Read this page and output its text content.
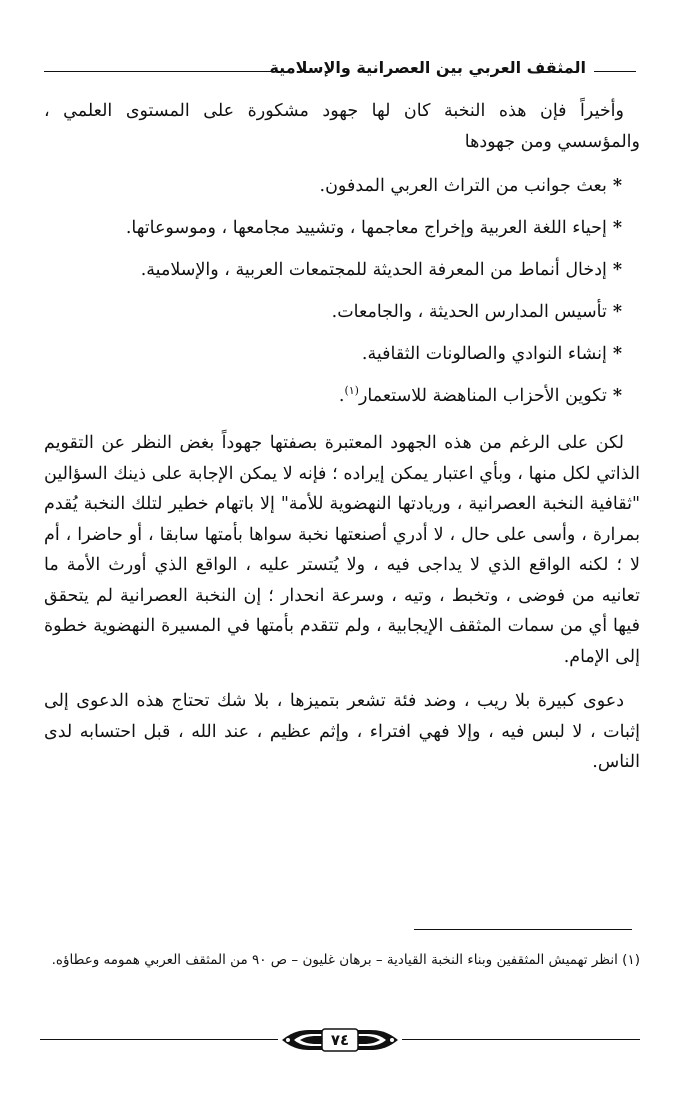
المثقف العربي بين العصرانية والإسلامية

وأخيراً فإن هذه النخبة كان لها جهود مشكورة على المستوى العلمي ، والمؤسسي ومن جهودها

*بعث جوانب من التراث العربي المدفون.
*إحياء اللغة العربية وإخراج معاجمها ، وتشييد مجامعها ، وموسوعاتها.
*إدخال أنماط من المعرفة الحديثة للمجتمعات العربية ، والإسلامية.
*تأسيس المدارس الحديثة ، والجامعات.
*إنشاء النوادي والصالونات الثقافية.
*تكوين الأحزاب المناهضة للاستعمار$^{(١)}$.

لكن على الرغم من هذه الجهود المعتبرة بصفتها جهوداً بغض النظر عن التقويم الذاتي لكل منها ، وبأي اعتبار يمكن إيراده ؛ فإنه لا يمكن الإجابة على ذينك السؤالين "ثقافية النخبة العصرانية ، وريادتها النهضوية للأمة" إلا باتهام خطير لتلك النخبة يُقدم بمرارة ، وأسى على حال ، لا أدري أصنعتها نخبة سواها بأمتها سابقا ، أو حاضرا ، أم لا ؛ لكنه الواقع الذي لا يداجى فيه ، ولا يُتستر عليه ، الواقع الذي أورث الأمة ما تعانيه من فوضى ، وتخبط ، وتيه ، وسرعة انحدار ؛ إن النخبة العصرانية لم يتحقق فيها أي من سمات المثقف الإيجابية ، ولم تتقدم بأمتها في المسيرة النهضوية خطوة إلى الإمام.

دعوى كبيرة بلا ريب ، وضد فئة تشعر بتميزها ، بلا شك تحتاج هذه الدعوى إلى إثبات ، لا لبس فيه ، وإلا فهي افتراء ، وإثم عظيم ، عند الله ، قبل احتسابه لدى الناس.

(١) انظر تهميش المثقفين وبناء النخبة القيادية – برهان غليون – ص ٩٠ من المثقف العربي همومه وعطاؤه.
٧٤
